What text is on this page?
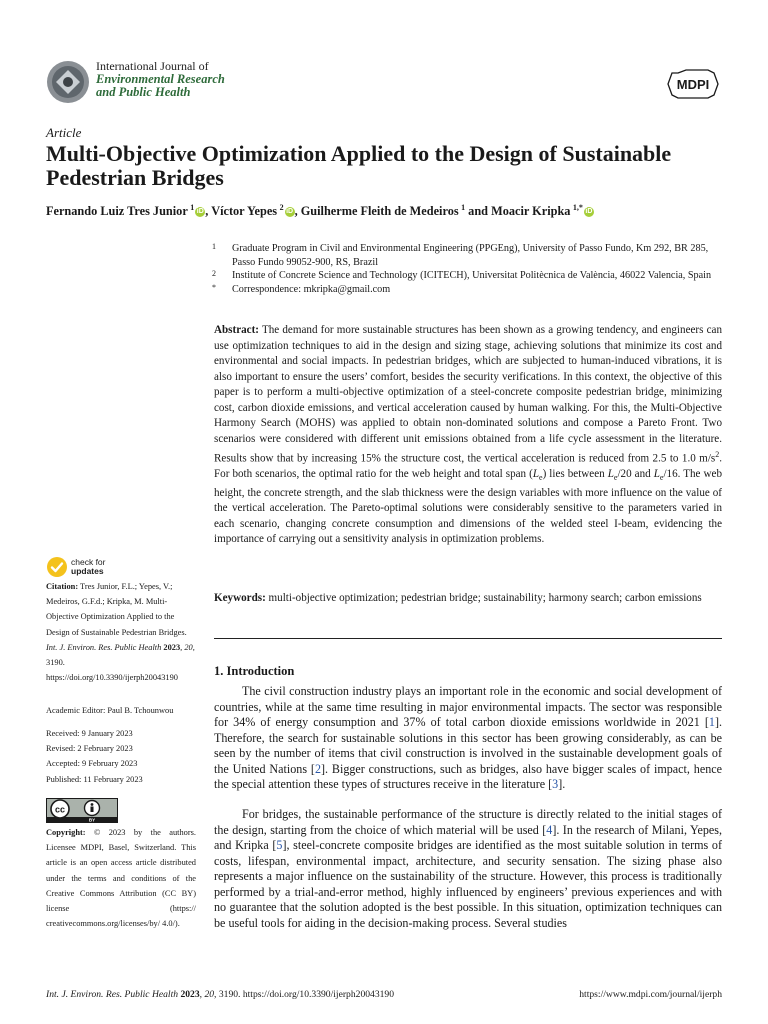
International Journal of
Environmental Research
and Public Health	MDPI
Article
Multi-Objective Optimization Applied to the Design of Sustainable Pedestrian Bridges
Fernando Luiz Tres Junior  $^1$ iD , Víctor Yepes  $^2$ iD , Guilherme Fleith de Medeiros  $^1$ and Moacir Kripka  $^{1,*}$ iD
1 Graduate Program in Civil and Environmental Engineering (PPGEng), University of Passo Fundo, Km 292, BR 285, Passo Fundo 99052-900, RS, Brazil
2 Institute of Concrete Science and Technology (ICITECH), Universitat Politècnica de València, 46022 Valencia, Spain
* Correspondence: mkripka@gmail.com

Abstract: The demand for more sustainable structures has been shown as a growing tendency, and engineers can use optimization techniques to aid in the design and sizing stage, achieving solutions that minimize its cost and environmental and social impacts. In pedestrian bridges, which are subjected to human-induced vibrations, it is also important to ensure the users’ comfort, besides the security verifications. In this context, the objective of this paper is to perform a multi-objective optimization of a steel-concrete composite pedestrian bridge, minimizing cost, carbon dioxide emissions, and vertical acceleration caused by human walking. For this, the Multi-Objective Harmony Search (MOHS) was applied to obtain non-dominated solutions and compose a Pareto Front. Two scenarios were considered with different unit emissions obtained from a life cycle assessment in the literature. Results show that by increasing 15% the structure cost, the vertical acceleration is reduced from 2.5 to 1.0 $m/s^2$. For both scenarios, the optimal ratio for the web height and total span $(L_e)$ lies between $L_e/20$ and $L_e/16$. The web height, the concrete strength, and the slab thickness were the design variables with more influence on the value of the vertical acceleration. The Pareto-optimal solutions were considerably sensitive to the parameters varied in each scenario, changing concrete consumption and dimensions of the welded steel I-beam, evidencing the importance of carrying out a sensitivity analysis in optimization problems.

Keywords: multi-objective optimization; pedestrian bridge; sustainability; harmony search; carbon emissions

1. Introduction

The civil construction industry plays an important role in the economic and social development of countries, while at the same time resulting in major environmental impacts. The sector was responsible for 34% of energy consumption and 37% of total carbon dioxide emissions worldwide in 2021 [1]. Therefore, the search for sustainable solutions in this sector has been growing considerably, as can be seen by the number of items that civil construction is involved in the sustainable development goals of the United Nations [2]. Bigger constructions, such as bridges, also have bigger scales of impact, hence the special attention these types of structures receive in the literature [3].

For bridges, the sustainable performance of the structure is directly related to the initial stages of the design, starting from the choice of which material will be used [4]. In the research of Milani, Yepes, and Kripka [5], steel-concrete composite bridges are identified as the most suitable solution in terms of costs, lifespan, environmental impact, architecture, and security sensation. The sizing phase also represents a major influence on the sustainability of the structure. However, this process is traditionally performed by a trial-and-error method, highly influenced by engineers’ previous experiences and with no guarantee that the solution adopted is the best possible. In this situation, optimization techniques can be useful tools for aiding in the decision-making process. Several studies

check for
updates
Citation: Tres Junior, F.L.; Yepes, V.; Medeiros, G.F.d.; Kripka, M. Multi-Objective Optimization Applied to the Design of Sustainable Pedestrian Bridges. Int. J. Environ. Res. Public Health 2023, 20, 3190. https://doi.org/10.3390/ijerph20043190
Academic Editor: Paul B. Tchounwou
Received: 9 January 2023
Revised: 2 February 2023
Accepted: 9 February 2023
Published: 11 February 2023
cc
BY
Copyright: © 2023 by the authors. Licensee MDPI, Basel, Switzerland. This article is an open access article distributed under the terms and conditions of the Creative Commons Attribution (CC BY) license (https:// creativecommons.org/licenses/by/ 4.0/).
Int. J. Environ. Res. Public Health 2023, 20, 3190. https://doi.org/10.3390/ijerph20043190	https://www.mdpi.com/journal/ijerph
